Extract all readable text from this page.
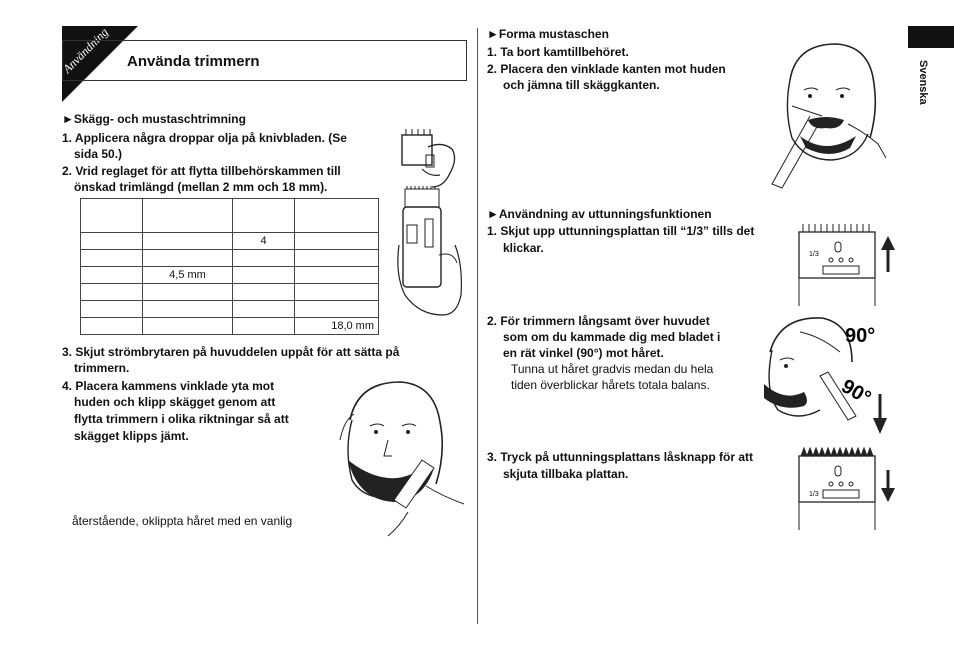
Användning	Använda trimmern
►Skägg- och mustaschtrimning
1. Applicera några droppar olja på knivbladen. (Se
sida 50.)
2. Vrid reglaget för att flytta tillbehörskammen till
önskad trimlängd (mellan 2 mm och 18 mm).

		4	

	4,5 mm		

			18,0 mm
3. Skjut strömbrytaren på huvuddelen uppåt för att sätta på
trimmern.
4. Placera kammens vinklade yta mot
huden och klipp skägget genom att
flytta trimmern i olika riktningar så att
skägget klipps jämt.
återstående, oklippta håret med en vanlig
►Forma mustaschen
1. Ta bort kamtillbehöret.
2. Placera den vinklade kanten mot huden
och jämna till skäggkanten.
►Användning av uttunningsfunktionen
1. Skjut upp uttunningsplattan till “1/3” tills det
klickar.
2. För trimmern långsamt över huvudet
som om du kammade dig med bladet i
en rät vinkel (90°) mot håret.
Tunna ut håret gradvis medan du hela
tiden överblickar hårets totala balans.
3. Tryck på uttunningsplattans låsknapp för att
skjuta tillbaka plattan.
1/3
90°
90°
1/3
Svenska
